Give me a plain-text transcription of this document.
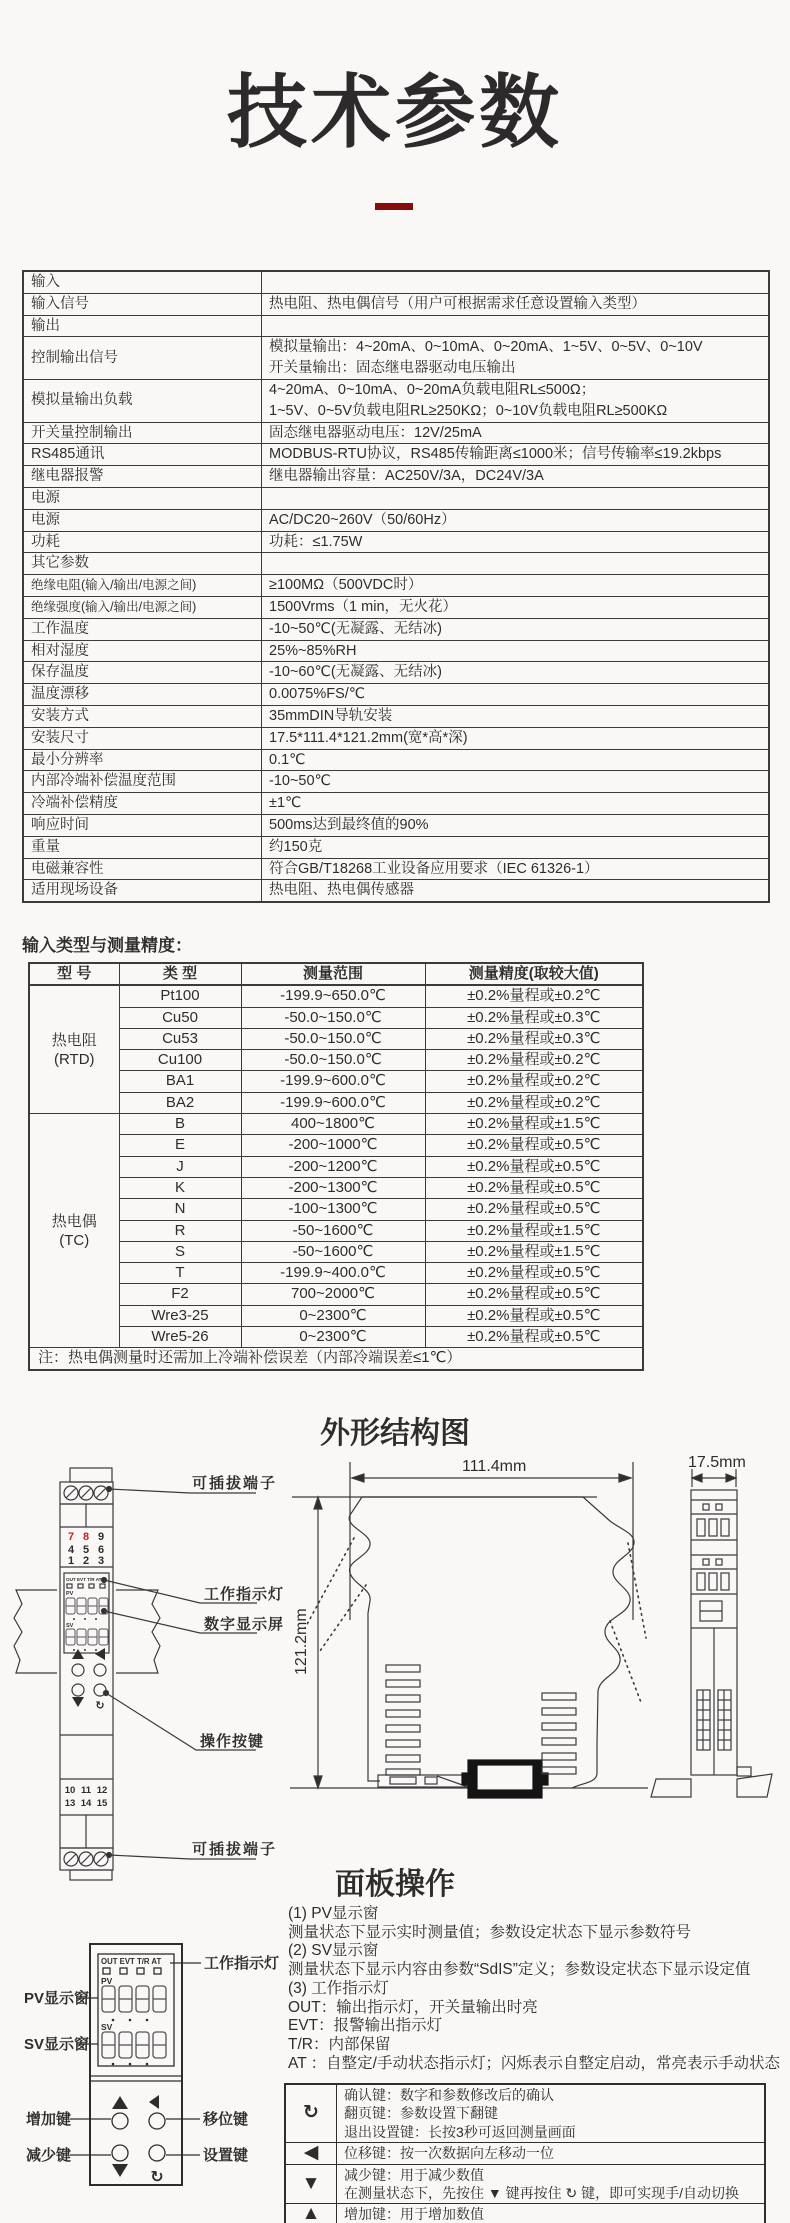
技术参数
输入	
输入信号	热电阻、热电偶信号（用户可根据需求任意设置输入类型）
输出	
控制输出信号	模拟量输出：4~20mA、0~10mA、0~20mA、1~5V、0~5V、0~10V
开关量输出：固态继电器驱动电压输出

模拟量输出负载	4~20mA、0~10mA、0~20mA负载电阻RL≤500Ω；
1~5V、0~5V负载电阻RL≥250KΩ；0~10V负载电阻RL≥500KΩ

开关量控制输出	固态继电器驱动电压：12V/25mA
RS485通讯	MODBUS-RTU协议，RS485传输距离≤1000米；信号传输率≤19.2kbps
继电器报警	继电器输出容量：AC250V/3A，DC24V/3A
电源	
电源	AC/DC20~260V（50/60Hz）
功耗	功耗：≤1.75W
其它参数	
绝缘电阻(输入/输出/电源之间)	≥100MΩ（500VDC时）
绝缘强度(输入/输出/电源之间)	1500Vrms（1 min，无火花）
工作温度	-10~50℃(无凝露、无结冰)
相对湿度	25%~85%RH
保存温度	-10~60℃(无凝露、无结冰)
温度漂移	0.0075%FS/℃
安装方式	35mmDIN导轨安装
安装尺寸	17.5*111.4*121.2mm(宽*高*深)
最小分辨率	0.1℃
内部冷端补偿温度范围	-10~50℃
冷端补偿精度	±1℃
响应时间	500ms达到最终值的90%
重量	约150克
电磁兼容性	符合GB/T18268工业设备应用要求（IEC 61326-1）
适用现场设备	热电阻、热电偶传感器
输入类型与测量精度：
型 号	类 型	测量范围	测量精度(取较大值)

热电阻
(RTD)	Pt100	-199.9~650.0℃	±0.2%量程或±0.2℃
	Cu50	-50.0~150.0℃	±0.2%量程或±0.3℃
	Cu53	-50.0~150.0℃	±0.2%量程或±0.3℃
	Cu100	-50.0~150.0℃	±0.2%量程或±0.2℃
	BA1	-199.9~600.0℃	±0.2%量程或±0.2℃
	BA2	-199.9~600.0℃	±0.2%量程或±0.2℃

热电偶
(TC)	B	400~1800℃	±0.2%量程或±1.5℃
	E	-200~1000℃	±0.2%量程或±0.5℃
	J	-200~1200℃	±0.2%量程或±0.5℃
	K	-200~1300℃	±0.2%量程或±0.5℃
	N	-100~1300℃	±0.2%量程或±0.5℃
	R	-50~1600℃	±0.2%量程或±1.5℃
	S	-50~1600℃	±0.2%量程或±1.5℃
	T	-199.9~400.0℃	±0.2%量程或±0.5℃
	F2	700~2000℃	±0.2%量程或±0.5℃
	Wre3-25	0~2300℃	±0.2%量程或±0.5℃
	Wre5-26	0~2300℃	±0.2%量程或±0.5℃
注：热电偶测量时还需加上冷端补偿误差（内部冷端误差≤1℃）			
外形结构图
可插拔端子
工作指示灯
数字显示屏
操作按键
可插拔端子
111.4mm
121.2mm
17.5mm
OUT EVT T/R AT
PV
SV
7 8 9
4 5 6
1 2 3
↻
10 11 12
13 14 15
面板操作
OUT EVT T/R AT
PV
SV
↻
PV显示窗
SV显示窗
工作指示灯
增加键	移位键
减少键	设置键
(1) PV显示窗
测量状态下显示实时测量值；参数设定状态下显示参数符号
(2) SV显示窗
测量状态下显示内容由参数“SdIS”定义；参数设定状态下显示设定值
(3) 工作指示灯
OUT：输出指示灯，开关量输出时亮
EVT：报警输出指示灯
T/R：内部保留
AT ：自整定/手动状态指示灯；闪烁表示自整定启动，常亮表示手动状态
↻	确认键：数字和参数修改后的确认
翻页键：参数设置下翻键
退出设置键：长按3秒可返回测量画面

◀	位移键：按一次数据向左移动一位

▼	减少键：用于减少数值
在测量状态下，先按住 ▼ 键再按住 ↻ 键，即可实现手/自动切换

▲	增加键：用于增加数值
